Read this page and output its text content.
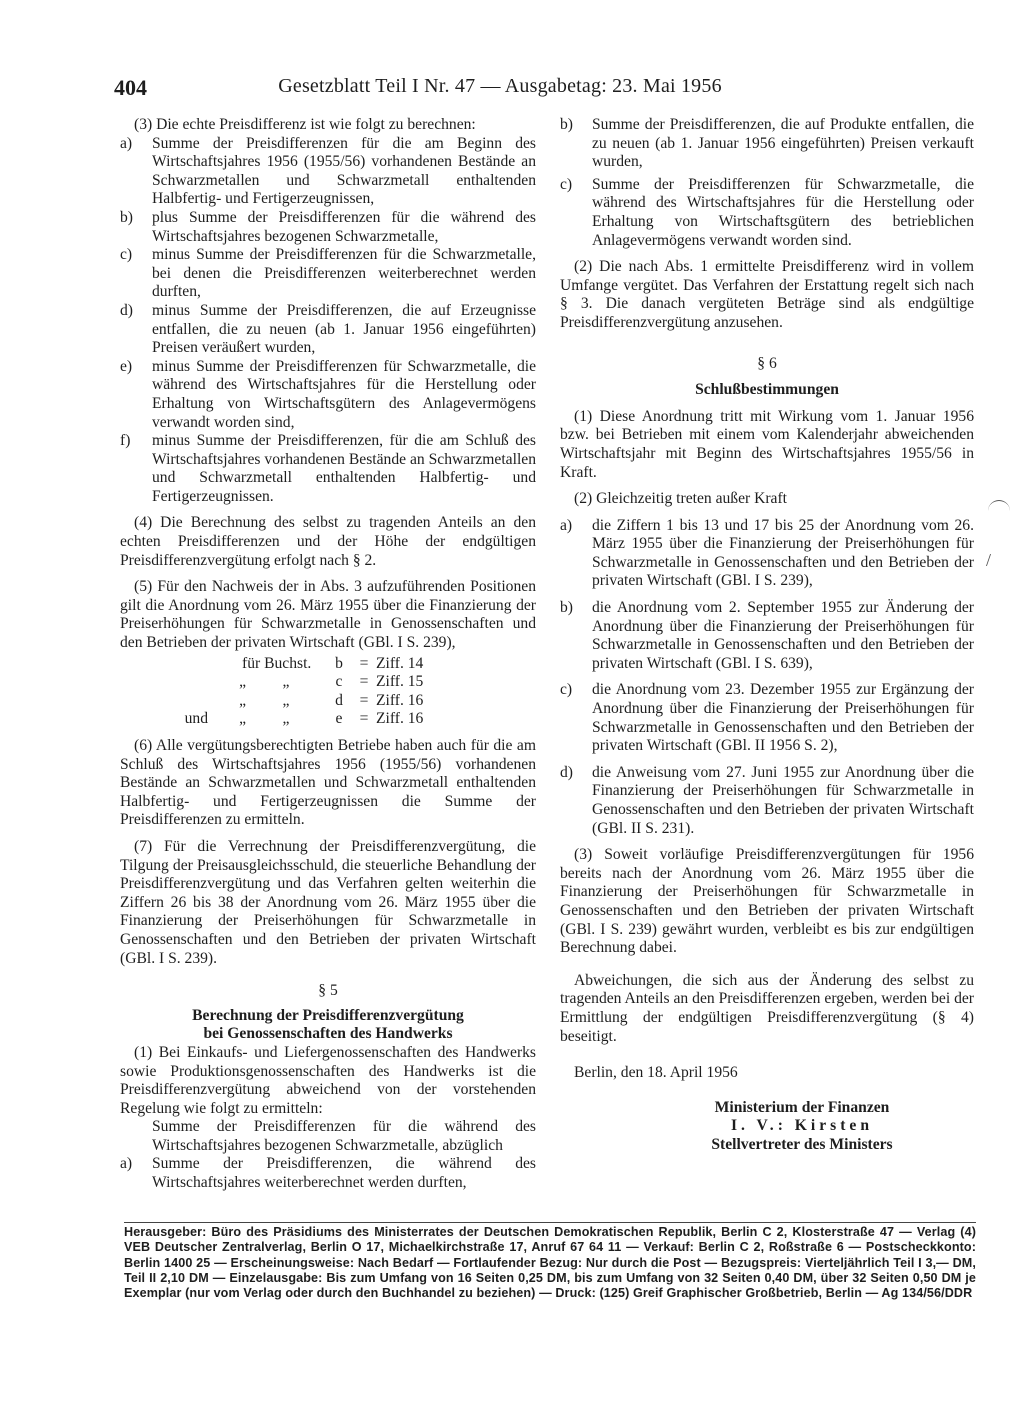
404	Gesetzblatt Teil I Nr. 47 — Ausgabetag: 23. Mai 1956

(3) Die echte Preisdifferenz ist wie folgt zu berechnen:

a) Summe der Preisdifferenzen für die am Beginn des Wirtschaftsjahres 1956 (1955/56) vorhandenen Bestände an Schwarzmetallen und Schwarzmetall enthaltenden Halbfertig- und Fertigerzeugnissen,

b) plus Summe der Preisdifferenzen für die während des Wirtschaftsjahres bezogenen Schwarzmetalle,

c) minus Summe der Preisdifferenzen für die Schwarzmetalle, bei denen die Preisdifferenzen weiterberechnet werden durften,

d) minus Summe der Preisdifferenzen, die auf Erzeugnisse entfallen, die zu neuen (ab 1. Januar 1956 eingeführten) Preisen veräußert wurden,

e) minus Summe der Preisdifferenzen für Schwarzmetalle, die während des Wirtschaftsjahres für die Herstellung oder Erhaltung von Wirtschaftsgütern des Anlagevermögens verwandt worden sind,

f) minus Summe der Preisdifferenzen, für die am Schluß des Wirtschaftsjahres vorhandenen Bestände an Schwarzmetallen und Schwarzmetall enthaltenden Halbfertig- und Fertigerzeugnissen.

(4) Die Berechnung des selbst zu tragenden Anteils an den echten Preisdifferenzen und der Höhe der endgültigen Preisdifferenzvergütung erfolgt nach § 2.

(5) Für den Nachweis der in Abs. 3 aufzuführenden Positionen gilt die Anordnung vom 26. März 1955 über die Finanzierung der Preiserhöhungen für Schwarzmetalle in Genossenschaften und den Betrieben der privaten Wirtschaft (GBl. I S. 239),

für Buchst.	b	= Ziff. 14
„	„	c	= Ziff. 15
„	„	d	= Ziff. 16
und	„	„	e	= Ziff. 16

(6) Alle vergütungsberechtigten Betriebe haben auch für die am Schluß des Wirtschaftsjahres 1956 (1955/56) vorhandenen Bestände an Schwarzmetallen und Schwarzmetall enthaltenden Halbfertig- und Fertigerzeugnissen die Summe der Preisdifferenzen zu ermitteln.

(7) Für die Verrechnung der Preisdifferenzvergütung, die Tilgung der Preisausgleichsschuld, die steuerliche Behandlung der Preisdifferenzvergütung und das Verfahren gelten weiterhin die Ziffern 26 bis 38 der Anordnung vom 26. März 1955 über die Finanzierung der Preiserhöhungen für Schwarzmetalle in Genossenschaften und den Betrieben der privaten Wirtschaft (GBl. I S. 239).

§ 5

Berechnung der Preisdifferenzvergütung

bei Genossenschaften des Handwerks

(1) Bei Einkaufs- und Liefergenossenschaften des Handwerks sowie Produktionsgenossenschaften des Handwerks ist die Preisdifferenzvergütung abweichend von der vorstehenden Regelung wie folgt zu ermitteln:

Summe der Preisdifferenzen für die während des Wirtschaftsjahres bezogenen Schwarzmetalle, abzüglich

a) Summe der Preisdifferenzen, die während des Wirtschaftsjahres weiterberechnet werden durften,

b) Summe der Preisdifferenzen, die auf Produkte entfallen, die zu neuen (ab 1. Januar 1956 eingeführten) Preisen verkauft wurden,

c) Summe der Preisdifferenzen für Schwarzmetalle, die während des Wirtschaftsjahres für die Herstellung oder Erhaltung von Wirtschaftsgütern des betrieblichen Anlagevermögens verwandt worden sind.

(2) Die nach Abs. 1 ermittelte Preisdifferenz wird in vollem Umfange vergütet. Das Verfahren der Erstattung regelt sich nach § 3. Die danach vergüteten Beträge sind als endgültige Preisdifferenzvergütung anzusehen.

§ 6

Schlußbestimmungen

(1) Diese Anordnung tritt mit Wirkung vom 1. Januar 1956 bzw. bei Betrieben mit einem vom Kalenderjahr abweichenden Wirtschaftsjahr mit Beginn des Wirtschaftsjahres 1955/56 in Kraft.

(2) Gleichzeitig treten außer Kraft

a) die Ziffern 1 bis 13 und 17 bis 25 der Anordnung vom 26. März 1955 über die Finanzierung der Preiserhöhungen für Schwarzmetalle in Genossenschaften und den Betrieben der privaten Wirtschaft (GBl. I S. 239),

b) die Anordnung vom 2. September 1955 zur Änderung der Anordnung über die Finanzierung der Preiserhöhungen für Schwarzmetalle in Genossenschaften und den Betrieben der privaten Wirtschaft (GBl. I S. 639),

c) die Anordnung vom 23. Dezember 1955 zur Ergänzung der Anordnung über die Finanzierung der Preiserhöhungen für Schwarzmetalle in Genossenschaften und den Betrieben der privaten Wirtschaft (GBl. II 1956 S. 2),

d) die Anweisung vom 27. Juni 1955 zur Anordnung über die Finanzierung der Preiserhöhungen für Schwarzmetalle in Genossenschaften und den Betrieben der privaten Wirtschaft (GBl. II S. 231).

(3) Soweit vorläufige Preisdifferenzvergütungen für 1956 bereits nach der Anordnung vom 26. März 1955 über die Finanzierung der Preiserhöhungen für Schwarzmetalle in Genossenschaften und den Betrieben der privaten Wirtschaft (GBl. I S. 239) gewährt wurden, verbleibt es bis zur endgültigen Berechnung dabei.

Abweichungen, die sich aus der Änderung des selbst zu tragenden Anteils an den Preisdifferenzen ergeben, werden bei der Ermittlung der endgültigen Preisdifferenzvergütung (§ 4) beseitigt.

Berlin, den 18. April 1956

Ministerium der Finanzen

I. V.: Kirsten

Stellvertreter des Ministers

/
Herausgeber: Büro des Präsidiums des Ministerrates der Deutschen Demokratischen Republik, Berlin C 2, Klosterstraße 47 — Verlag (4) VEB Deutscher Zentralverlag, Berlin O 17, Michaelkirchstraße 17, Anruf 67 64 11 — Verkauf: Berlin C 2, Roßstraße 6 — Postscheckkonto: Berlin 1400 25 — Erscheinungsweise: Nach Bedarf — Fortlaufender Bezug: Nur durch die Post — Bezugspreis: Vierteljährlich Teil I 3,— DM, Teil II 2,10 DM — Einzelausgabe: Bis zum Umfang von 16 Seiten 0,25 DM, bis zum Umfang von 32 Seiten 0,40 DM, über 32 Seiten 0,50 DM je Exemplar (nur vom Verlag oder durch den Buchhandel zu beziehen) — Druck: (125) Greif Graphischer Großbetrieb, Berlin — Ag 134/56/DDR
